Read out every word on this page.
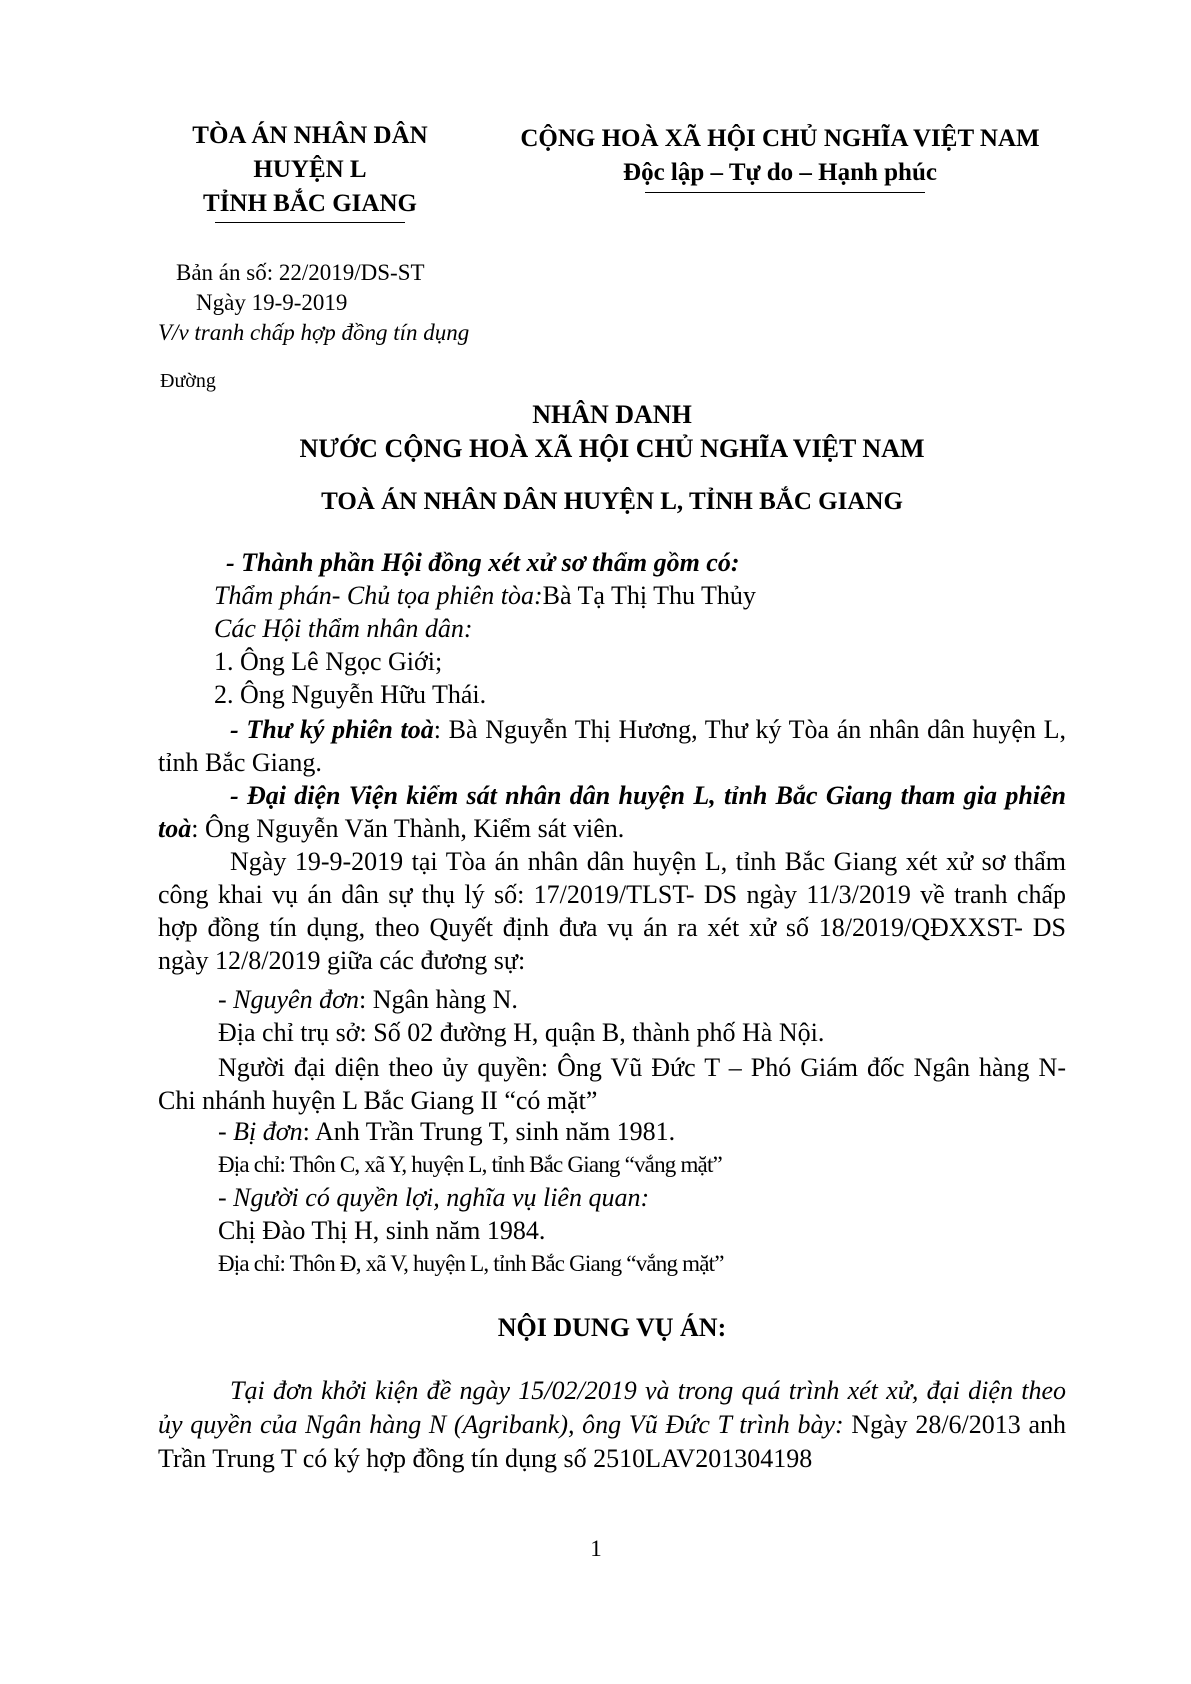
TÒA ÁN NHÂN DÂN
HUYỆN L
TỈNH BẮC GIANG
CỘNG HOÀ XÃ HỘI CHỦ NGHĨA VIỆT NAM
Độc lập – Tự do – Hạnh phúc
Bản án số: 22/2019/DS-ST
Ngày 19-9-2019
V/v tranh chấp hợp đồng tín dụng
Đường
NHÂN DANH
NƯỚC CỘNG HOÀ XÃ HỘI CHỦ NGHĨA VIỆT NAM
TOÀ ÁN NHÂN DÂN HUYỆN L, TỈNH BẮC GIANG
- Thành phần Hội đồng xét xử sơ thẩm gồm có:
Thẩm phán- Chủ tọa phiên tòa:Bà Tạ Thị Thu Thủy
Các Hội thẩm nhân dân:
1. Ông Lê Ngọc Giới;
2. Ông Nguyễn Hữu Thái.
- Thư ký phiên toà: Bà Nguyễn Thị Hương, Thư ký Tòa án nhân dân huyện L, tỉnh Bắc Giang.
- Đại diện Viện kiểm sát nhân dân huyện L, tỉnh Bắc Giang tham gia phiên toà: Ông Nguyễn Văn Thành, Kiểm sát viên.
Ngày 19-9-2019 tại Tòa án nhân dân huyện L, tỉnh Bắc Giang xét xử sơ thẩm công khai vụ án dân sự thụ lý số: 17/2019/TLST- DS ngày 11/3/2019 về tranh chấp hợp đồng tín dụng, theo Quyết định đưa vụ án ra xét xử số 18/2019/QĐXXST- DS ngày 12/8/2019 giữa các đương sự:
- Nguyên đơn: Ngân hàng N.
Địa chỉ trụ sở: Số 02 đường H, quận B, thành phố Hà Nội.
Người đại diện theo ủy quyền: Ông Vũ Đức T – Phó Giám đốc Ngân hàng N- Chi nhánh huyện L Bắc Giang II “có mặt”
- Bị đơn: Anh Trần Trung T, sinh năm 1981.
Địa chỉ: Thôn C, xã Y, huyện L, tỉnh Bắc Giang “vắng mặt”
- Người có quyền lợi, nghĩa vụ liên quan:
Chị Đào Thị H, sinh năm 1984.
Địa chỉ: Thôn Đ, xã V, huyện L, tỉnh Bắc Giang “vắng mặt”
NỘI DUNG VỤ ÁN:
Tại đơn khởi kiện đề ngày 15/02/2019 và trong quá trình xét xử, đại diện theo ủy quyền của Ngân hàng N (Agribank), ông Vũ Đức T trình bày: Ngày 28/6/2013 anh Trần Trung T có ký hợp đồng tín dụng số 2510LAV201304198
1
